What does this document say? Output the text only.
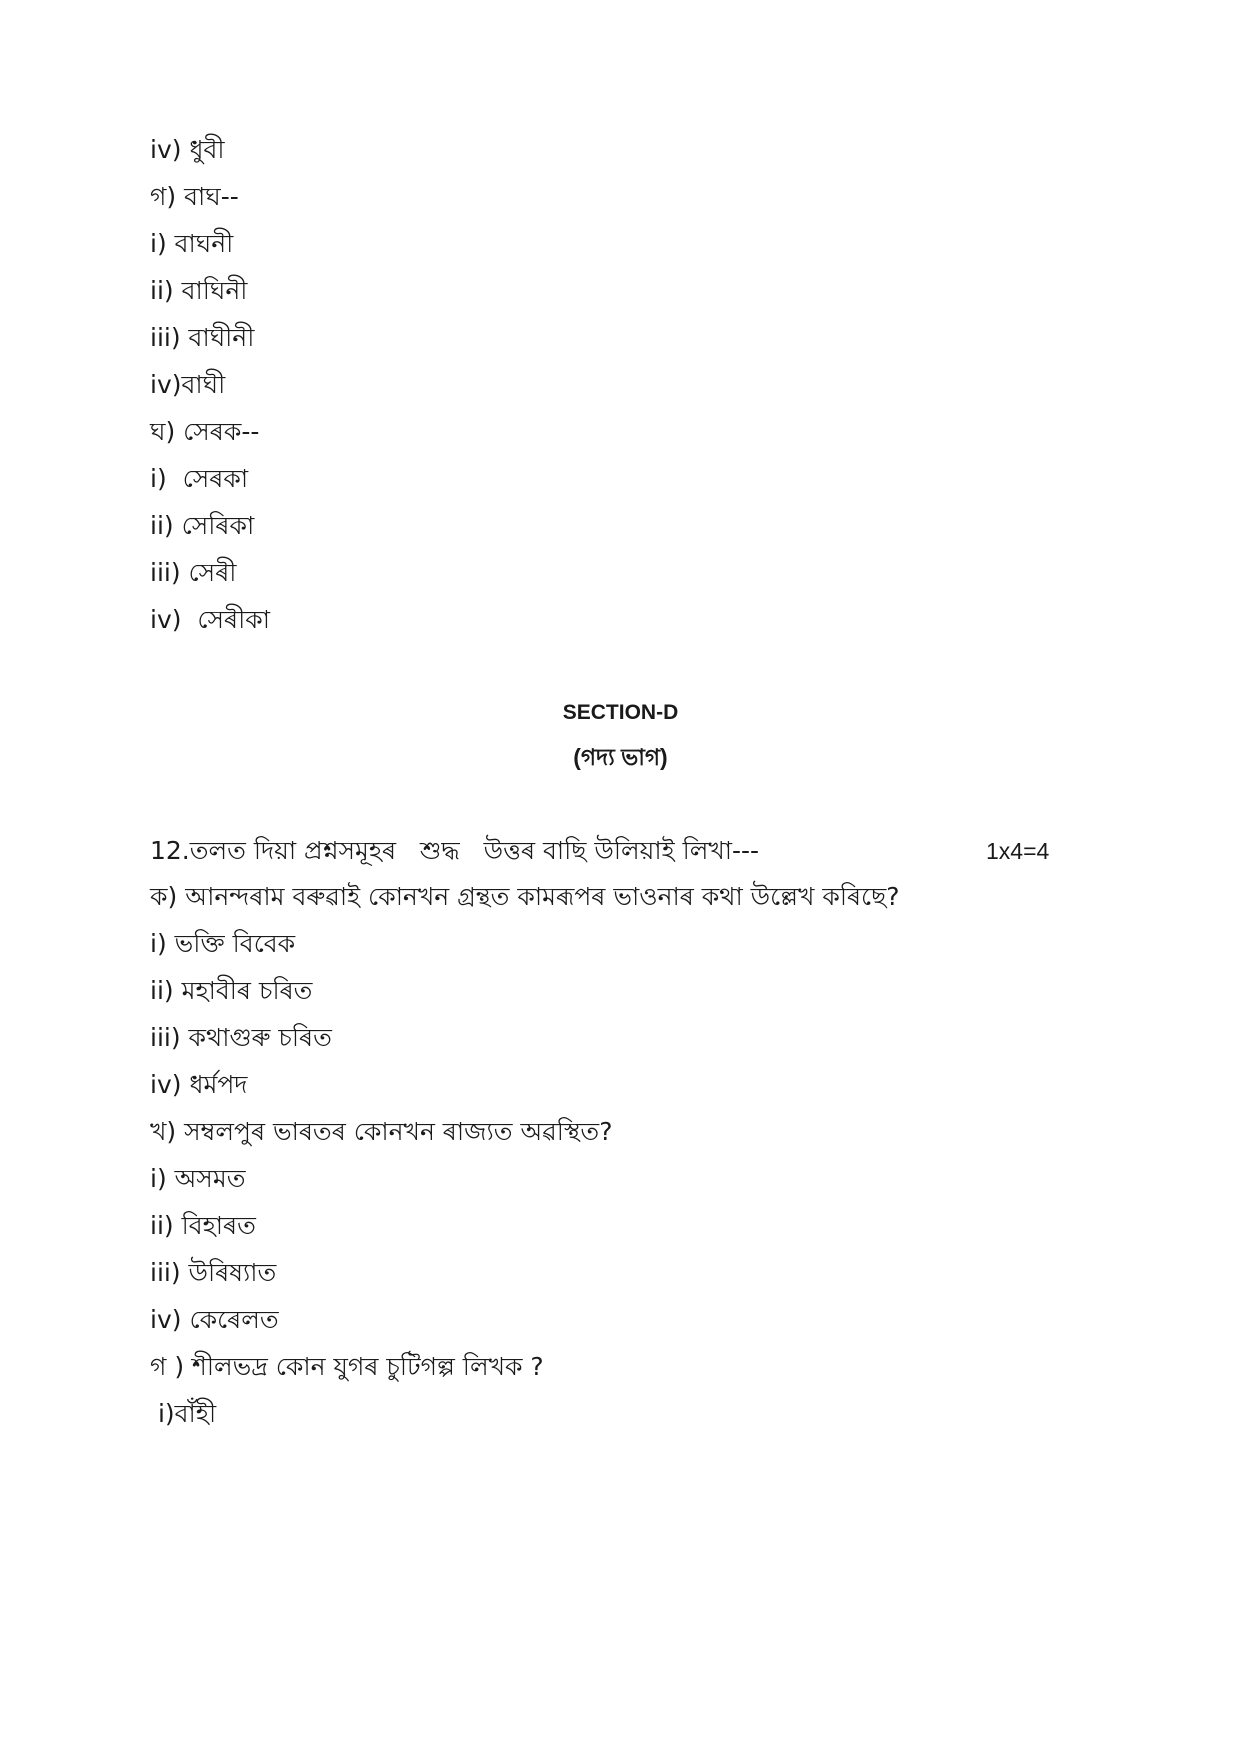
iv) ধুবী
গ) বাঘ--
i) বাঘনী
ii) বাঘিনী
iii) বাঘীনী
iv)বাঘী
ঘ) সেৰক--
i)  সেৰকা
ii) সেৰিকা
iii) সেৰী
iv)  সেৰীকা
SECTION-D
(গদ্য ভাগ)
12.তলত দিয়া প্ৰশ্নসমূহৰ   শুদ্ধ   উত্তৰ বাছি উলিয়াই লিখা---	1x4=4
ক) আনন্দৰাম বৰুৱাই কোনখন গ্ৰন্থত কামৰূপৰ ভাওনাৰ কথা উল্লেখ কৰিছে?
i) ভক্তি বিবেক
ii) মহাবীৰ চৰিত
iii) কথাগুৰু চৰিত
iv) ধৰ্মপদ
খ) সম্বলপুৰ ভাৰতৰ কোনখন ৰাজ্যত অৱস্থিত?
i) অসমত
ii) বিহাৰত
iii) উৰিষ্যাত
iv) কেৰেলত
গ ) শীলভদ্ৰ কোন যুগৰ চুটিগল্প লিখক ?
i)বাঁহী
